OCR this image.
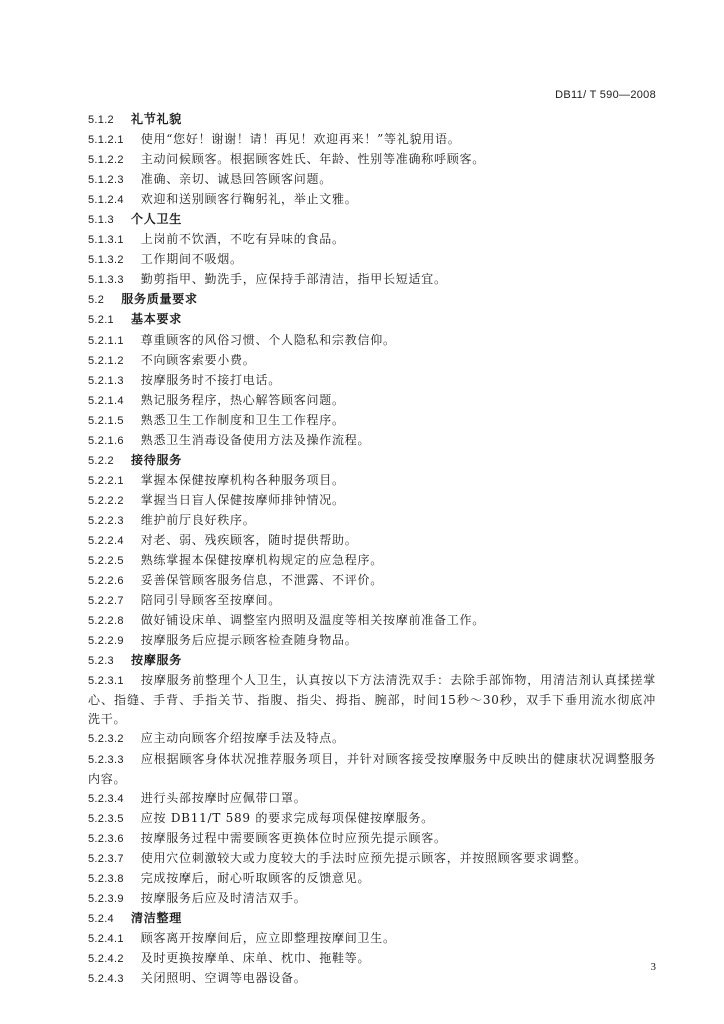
DB11/ T 590—2008
5.1.2 礼节礼貌
5.1.2.1 使用“您好！谢谢！请！再见！欢迎再来！”等礼貌用语。
5.1.2.2 主动问候顾客。根据顾客姓氏、年龄、性别等准确称呼顾客。
5.1.2.3 准确、亲切、诚恳回答顾客问题。
5.1.2.4 欢迎和送别顾客行鞠躬礼，举止文雅。
5.1.3 个人卫生
5.1.3.1 上岗前不饮酒，不吃有异味的食品。
5.1.3.2 工作期间不吸烟。
5.1.3.3 勤剪指甲、勤洗手，应保持手部清洁，指甲长短适宜。
5.2 服务质量要求
5.2.1 基本要求
5.2.1.1 尊重顾客的风俗习惯、个人隐私和宗教信仰。
5.2.1.2 不向顾客索要小费。
5.2.1.3 按摩服务时不接打电话。
5.2.1.4 熟记服务程序，热心解答顾客问题。
5.2.1.5 熟悉卫生工作制度和卫生工作程序。
5.2.1.6 熟悉卫生消毒设备使用方法及操作流程。
5.2.2 接待服务
5.2.2.1 掌握本保健按摩机构各种服务项目。
5.2.2.2 掌握当日盲人保健按摩师排钟情况。
5.2.2.3 维护前厅良好秩序。
5.2.2.4 对老、弱、残疾顾客，随时提供帮助。
5.2.2.5 熟练掌握本保健按摩机构规定的应急程序。
5.2.2.6 妥善保管顾客服务信息，不泄露、不评价。
5.2.2.7 陪同引导顾客至按摩间。
5.2.2.8 做好铺设床单、调整室内照明及温度等相关按摩前准备工作。
5.2.2.9 按摩服务后应提示顾客检查随身物品。
5.2.3 按摩服务
5.2.3.1 按摩服务前整理个人卫生，认真按以下方法清洗双手：去除手部饰物，用清洁剂认真揉搓掌心、指缝、手背、手指关节、指腹、指尖、拇指、腕部，时间15秒～30秒，双手下垂用流水彻底冲洗干。
5.2.3.2 应主动向顾客介绍按摩手法及特点。
5.2.3.3 应根据顾客身体状况推荐服务项目，并针对顾客接受按摩服务中反映出的健康状况调整服务内容。
5.2.3.4 进行头部按摩时应佩带口罩。
5.2.3.5 应按 DB11/T 589 的要求完成每项保健按摩服务。
5.2.3.6 按摩服务过程中需要顾客更换体位时应预先提示顾客。
5.2.3.7 使用穴位刺激较大或力度较大的手法时应预先提示顾客，并按照顾客要求调整。
5.2.3.8 完成按摩后，耐心听取顾客的反馈意见。
5.2.3.9 按摩服务后应及时清洁双手。
5.2.4 清洁整理
5.2.4.1 顾客离开按摩间后，应立即整理按摩间卫生。
5.2.4.2 及时更换按摩单、床单、枕巾、拖鞋等。
5.2.4.3 关闭照明、空调等电器设备。
3
